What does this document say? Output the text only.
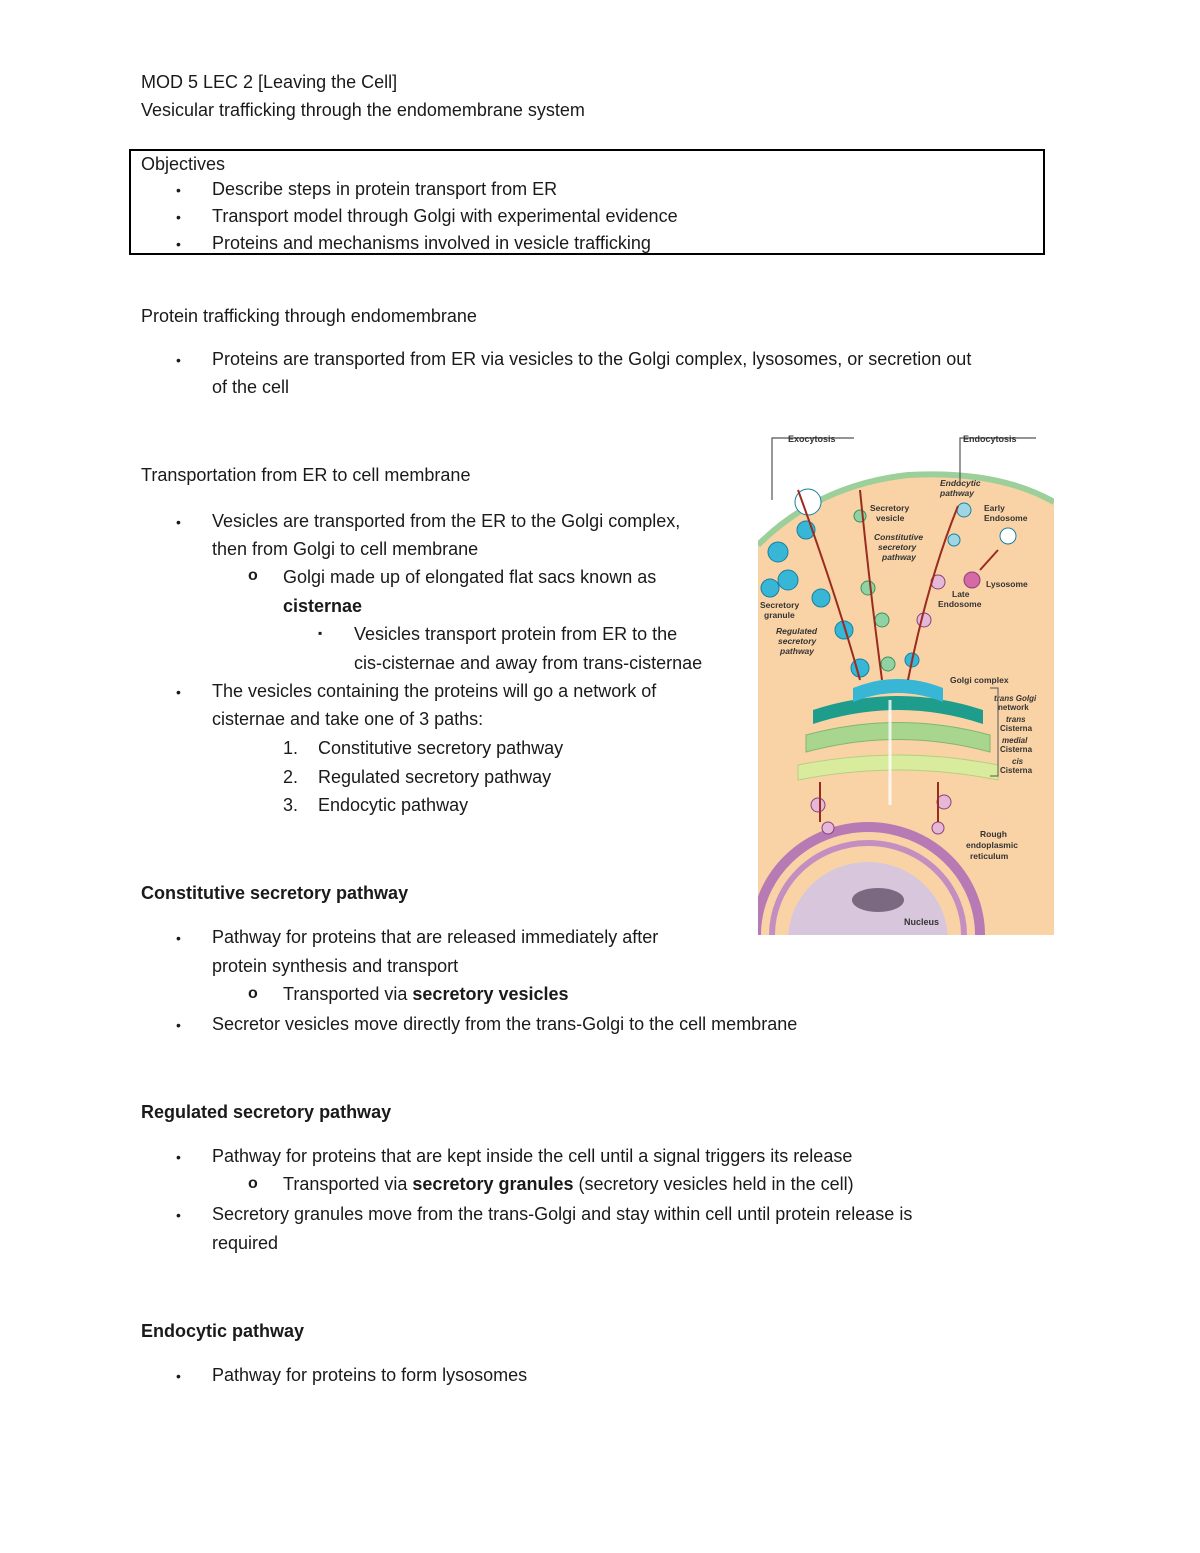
MOD 5 LEC 2 [Leaving the Cell]
Vesicular trafficking through the endomembrane system
Objectives
• Describe steps in protein transport from ER
• Transport model through Golgi with experimental evidence
• Proteins and mechanisms involved in vesicle trafficking
Protein trafficking through endomembrane
• Proteins are transported from ER via vesicles to the Golgi complex, lysosomes, or secretion out
of the cell
Transportation from ER to cell membrane
• Vesicles are transported from the ER to the Golgi complex,
then from Golgi to cell membrane
o Golgi made up of elongated flat sacs known as
cisternae
▪ Vesicles transport protein from ER to the
cis-cisternae and away from trans-cisternae
• The vesicles containing the proteins will go a network of
cisternae and take one of 3 paths:
1. Constitutive secretory pathway
2. Regulated secretory pathway
3. Endocytic pathway
Constitutive secretory pathway
• Pathway for proteins that are released immediately after
protein synthesis and transport
o Transported via secretory vesicles
• Secretor vesicles move directly from the trans-Golgi to the cell membrane
Regulated secretory pathway
• Pathway for proteins that are kept inside the cell until a signal triggers its release
o Transported via secretory granules (secretory vesicles held in the cell)
• Secretory granules move from the trans-Golgi and stay within cell until protein release is
required
Endocytic pathway
• Pathway for proteins to form lysosomes
Exocytosis	Endocytosis
Nucleus
Endocytic pathway
Secretory vesicle
Early Endosome
Constitutive secretory pathway
Lysosome
Late Endosome
Secretory granule
Regulated secretory pathway
Golgi complex
trans Golgi network
trans Cisterna
medial Cisterna
cis Cisterna
Rough endoplasmic reticulum
